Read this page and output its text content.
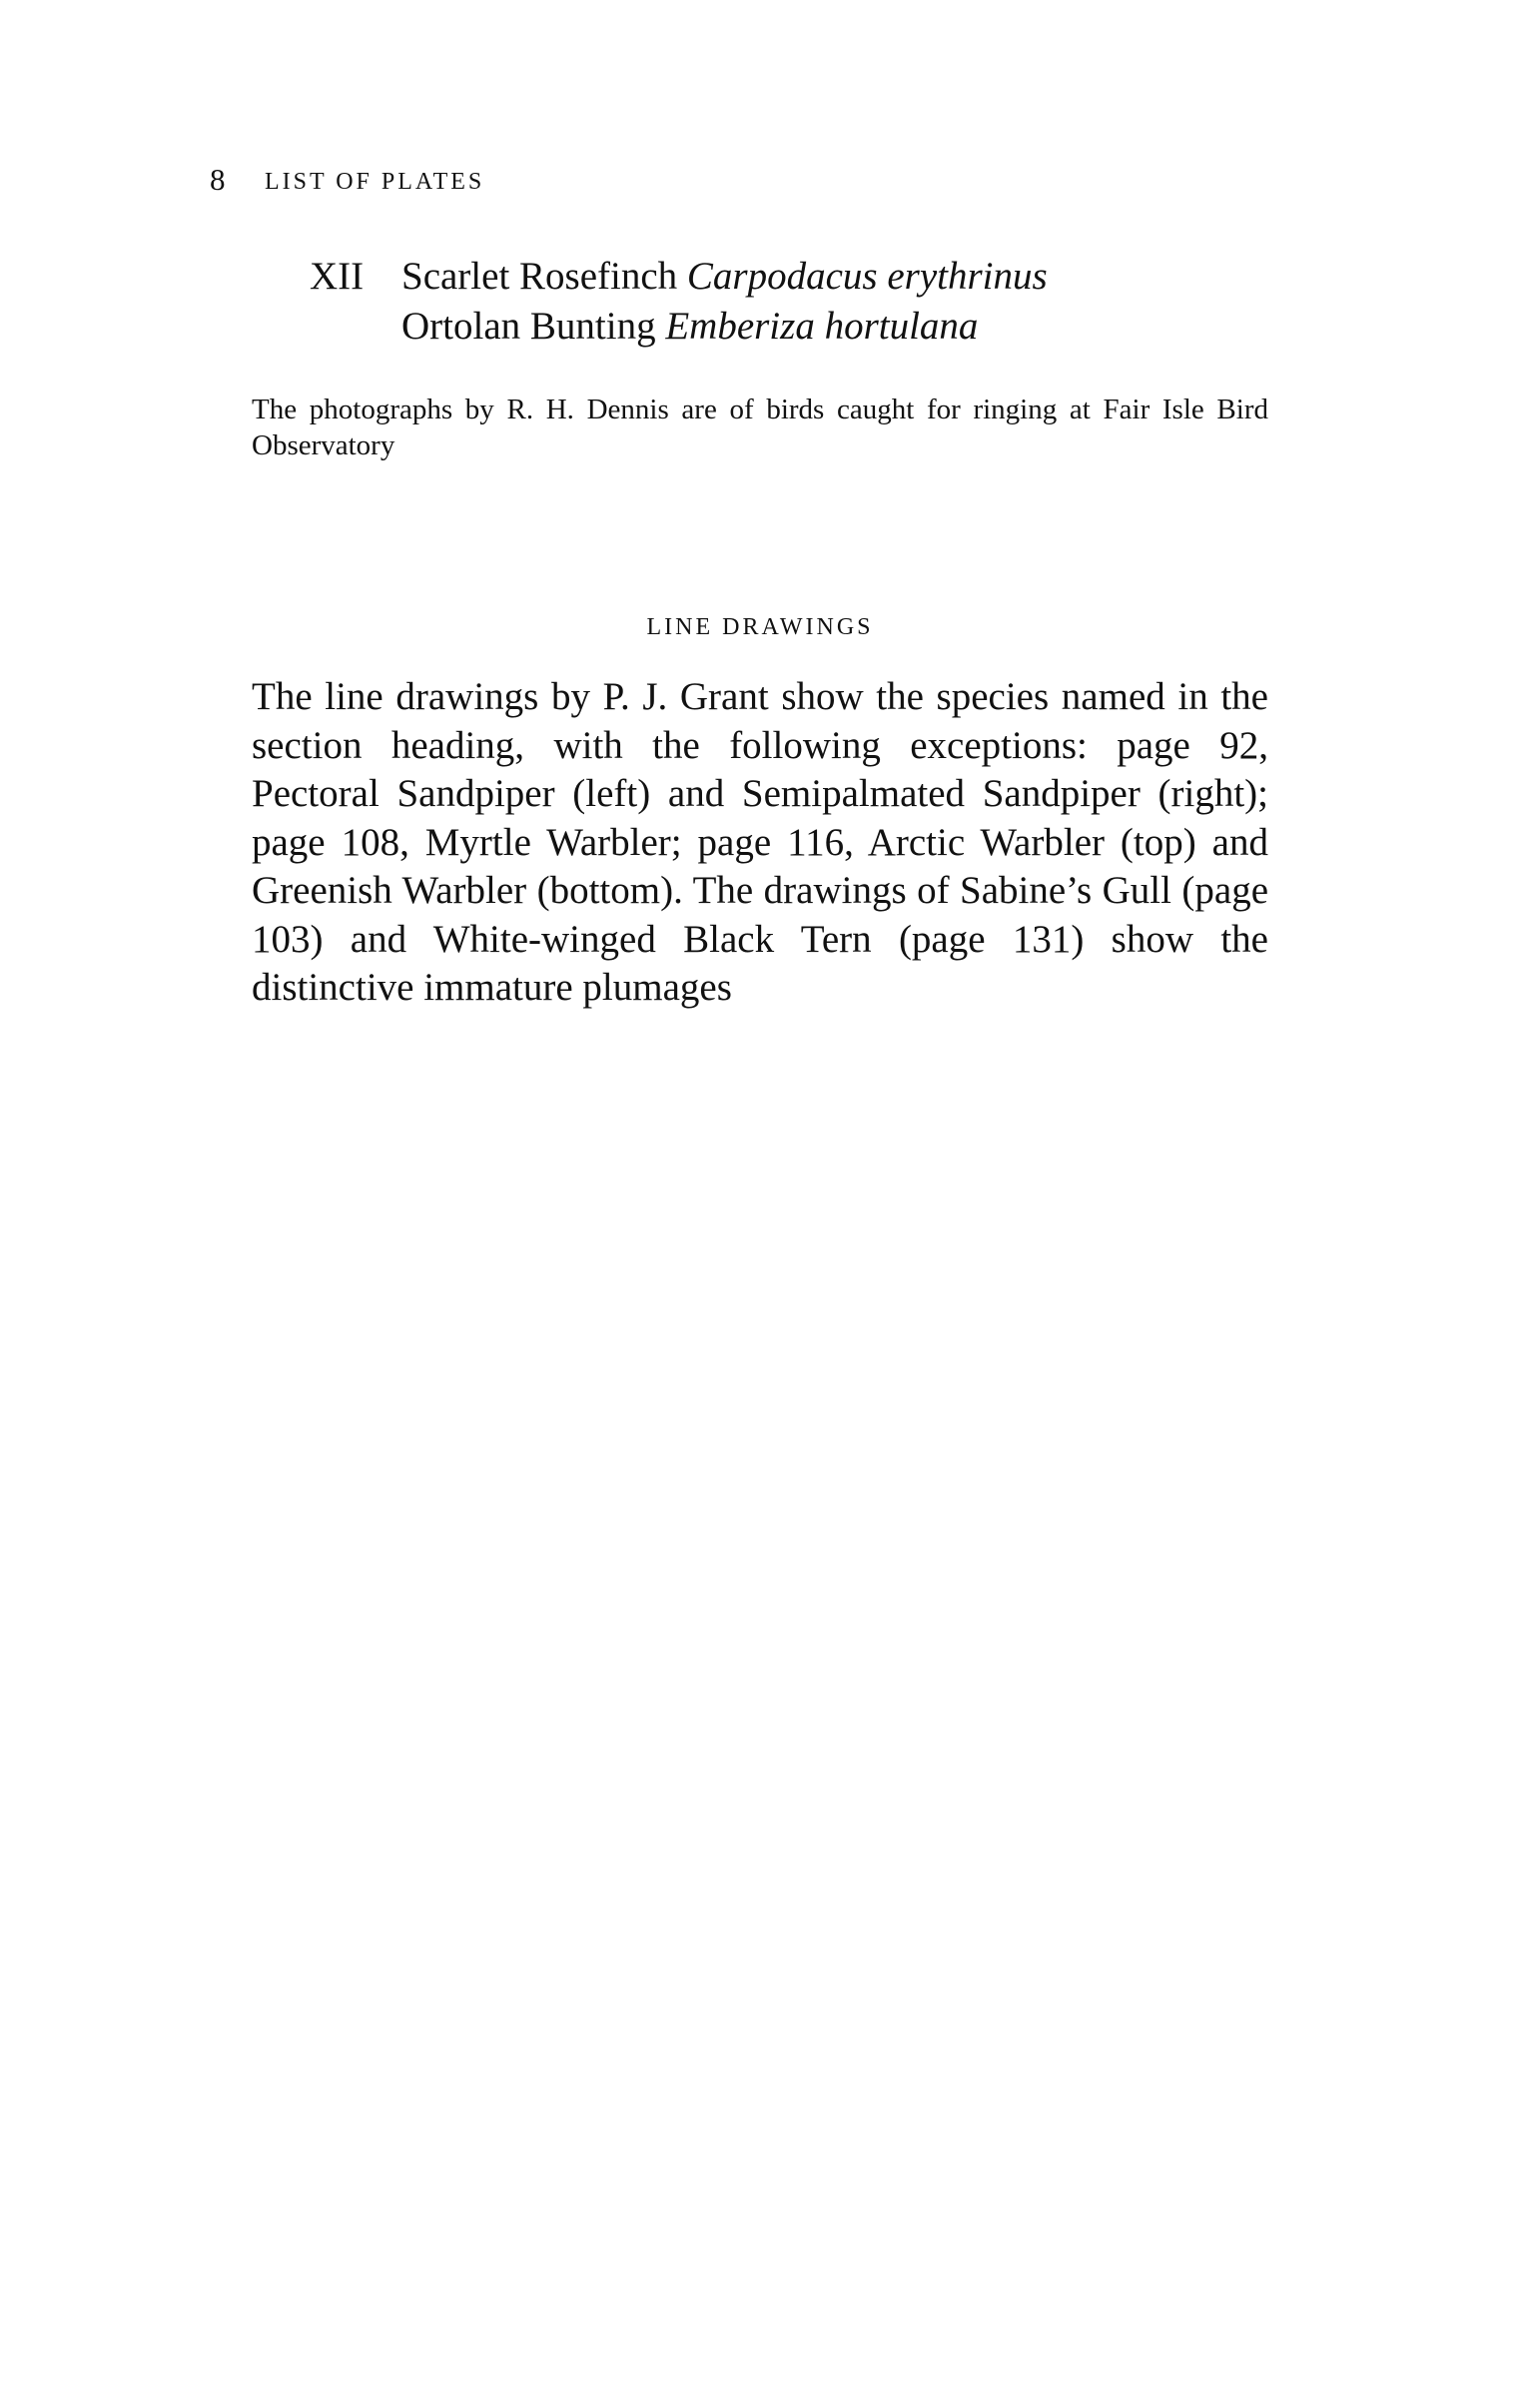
8 LIST OF PLATES
XII Scarlet Rosefinch Carpodacus erythrinus
Ortolan Bunting Emberiza hortulana

The photographs by R. H. Dennis are of birds caught for ringing at Fair Isle Bird Observatory

LINE DRAWINGS

The line drawings by P. J. Grant show the species named in the section heading, with the following exceptions: page 92, Pectoral Sandpiper (left) and Semipalmated Sandpiper (right); page 108, Myrtle Warbler; page 116, Arctic Warbler (top) and Greenish Warbler (bottom). The drawings of Sabine’s Gull (page 103) and White-winged Black Tern (page 131) show the distinctive immature plumages
